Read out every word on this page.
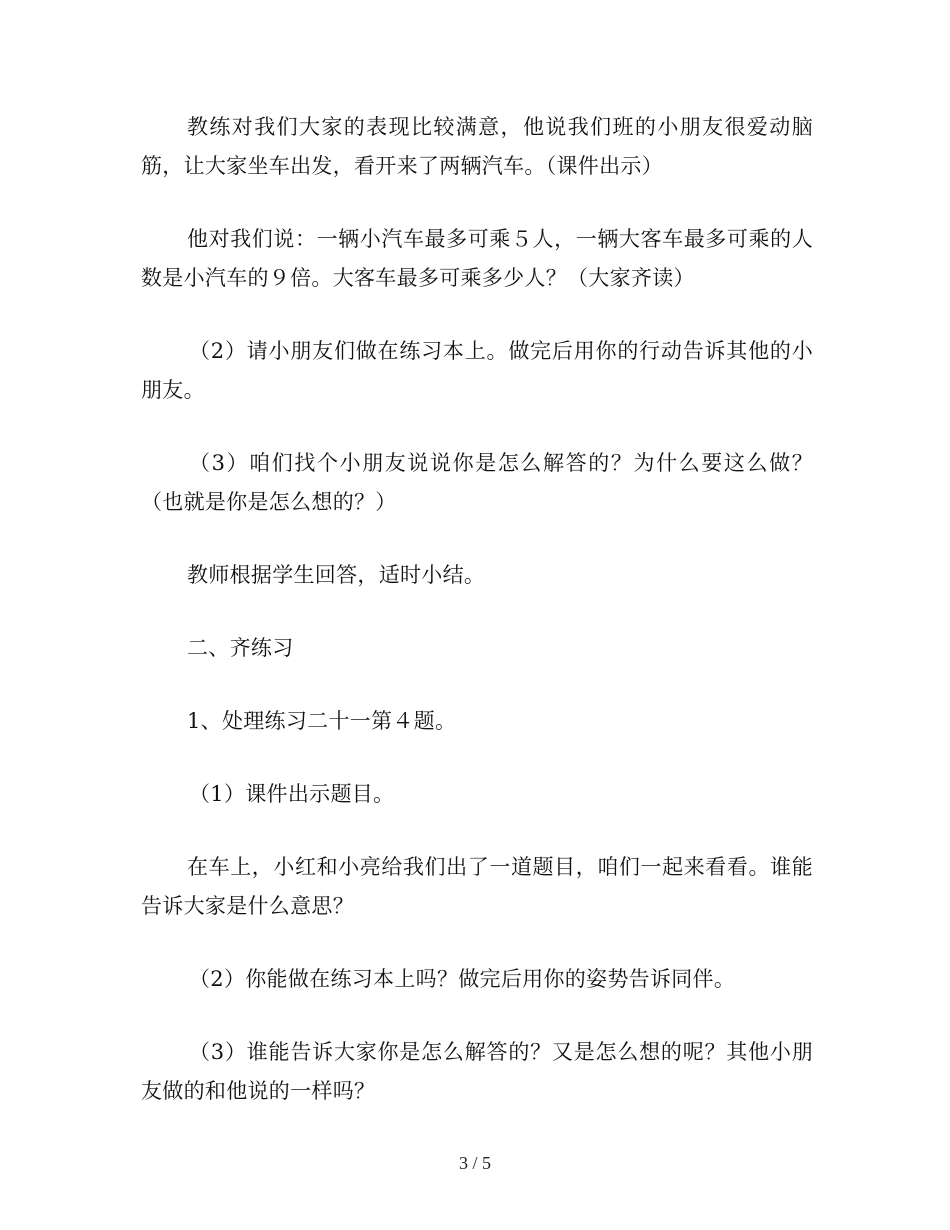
教练对我们大家的表现比较满意，他说我们班的小朋友很爱动脑筋，让大家坐车出发，看开来了两辆汽车。（课件出示）

他对我们说：一辆小汽车最多可乘５人，一辆大客车最多可乘的人数是小汽车的９倍。大客车最多可乘多少人？（大家齐读）

（2）请小朋友们做在练习本上。做完后用你的行动告诉其他的小朋友。

（3）咱们找个小朋友说说你是怎么解答的？为什么要这么做？（也就是你是怎么想的？）

教师根据学生回答，适时小结。

二、齐练习

1、处理练习二十一第４题。

（1）课件出示题目。

在车上，小红和小亮给我们出了一道题目，咱们一起来看看。谁能告诉大家是什么意思？

（2）你能做在练习本上吗？做完后用你的姿势告诉同伴。

（3）谁能告诉大家你是怎么解答的？又是怎么想的呢？其他小朋友做的和他说的一样吗？

3 / 5
